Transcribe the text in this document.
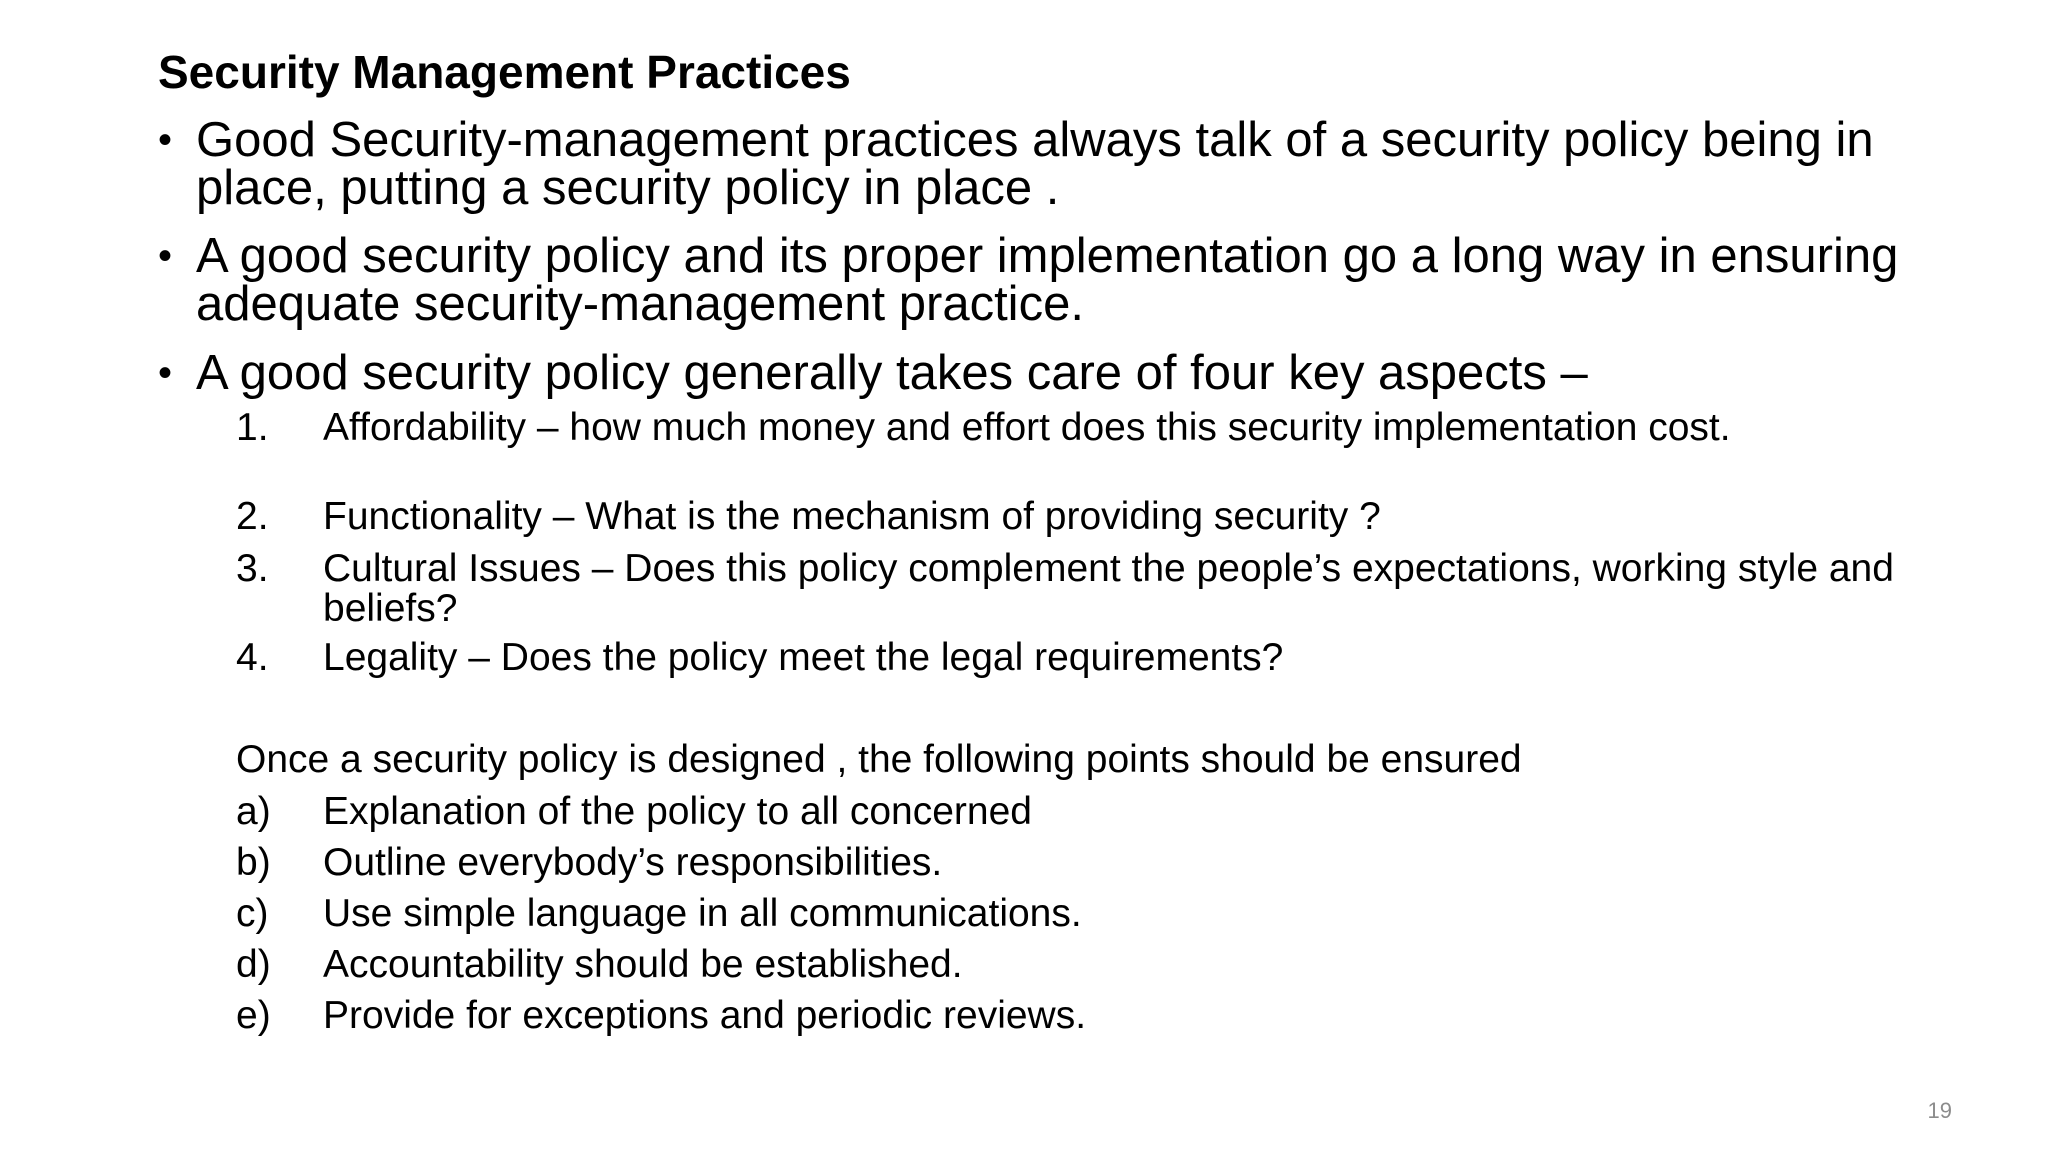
Security Management Practices
• Good Security-management practices always talk of a security policy being in place, putting a security policy in place .
• A good security policy and its proper implementation go a long way in ensuring adequate security-management practice.
• A good security policy generally takes care of four key aspects –
1.	Affordability – how much money and effort does this security implementation cost.
2.	Functionality – What is the mechanism of providing security ?
3.	Cultural Issues – Does this policy complement the people’s expectations, working style and beliefs?
4.	Legality – Does the policy meet the legal requirements?
Once a security policy is designed , the following points should be ensured
a)	Explanation of the policy to all concerned
b)	Outline everybody’s responsibilities.
c)	Use simple language in all communications.
d)	Accountability should be established.
e)	Provide for exceptions and periodic reviews.
19
